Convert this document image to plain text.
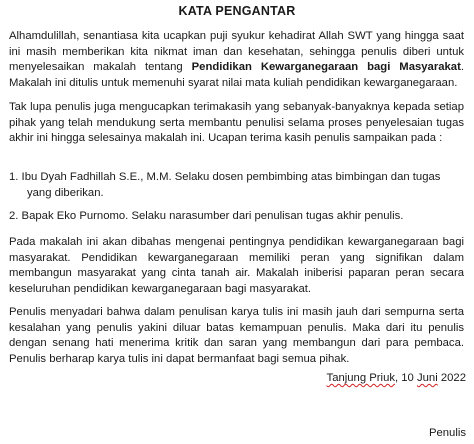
KATA PENGANTAR
Alhamdulillah, senantiasa kita ucapkan puji syukur kehadirat Allah SWT yang hingga saat ini masih memberikan kita nikmat iman dan kesehatan, sehingga penulis diberi untuk menyelesaikan makalah tentang Pendidikan Kewarganegaraan bagi Masyarakat. Makalah ini ditulis untuk memenuhi syarat nilai mata kuliah pendidikan kewarganegaraan.
Tak lupa penulis juga mengucapkan terimakasih yang sebanyak-banyaknya kepada setiap pihak yang telah mendukung serta membantu penulisi selama proses penyelesaian tugas akhir ini hingga selesainya makalah ini. Ucapan terima kasih penulis sampaikan pada :
1. Ibu Dyah Fadhillah S.E., M.M. Selaku dosen pembimbing atas bimbingan dan tugas
yang diberikan.
2. Bapak Eko Purnomo. Selaku narasumber dari penulisan tugas akhir penulis.
Pada makalah ini akan dibahas mengenai pentingnya pendidikan kewarganegaraan bagi masyarakat. Pendidikan kewarganegaraan memiliki peran yang signifikan dalam membangun masyarakat yang cinta tanah air. Makalah iniberisi paparan peran secara keseluruhan pendidikan kewarganegaraan bagi masyarakat.
Penulis menyadari bahwa dalam penulisan karya tulis ini masih jauh dari sempurna serta kesalahan yang penulis yakini diluar batas kemampuan penulis. Maka dari itu penulis dengan senang hati menerima kritik dan saran yang membangun dari para pembaca. Penulis berharap karya tulis ini dapat bermanfaat bagi semua pihak.
Tanjung Priuk, 10 Juni 2022
Penulis
